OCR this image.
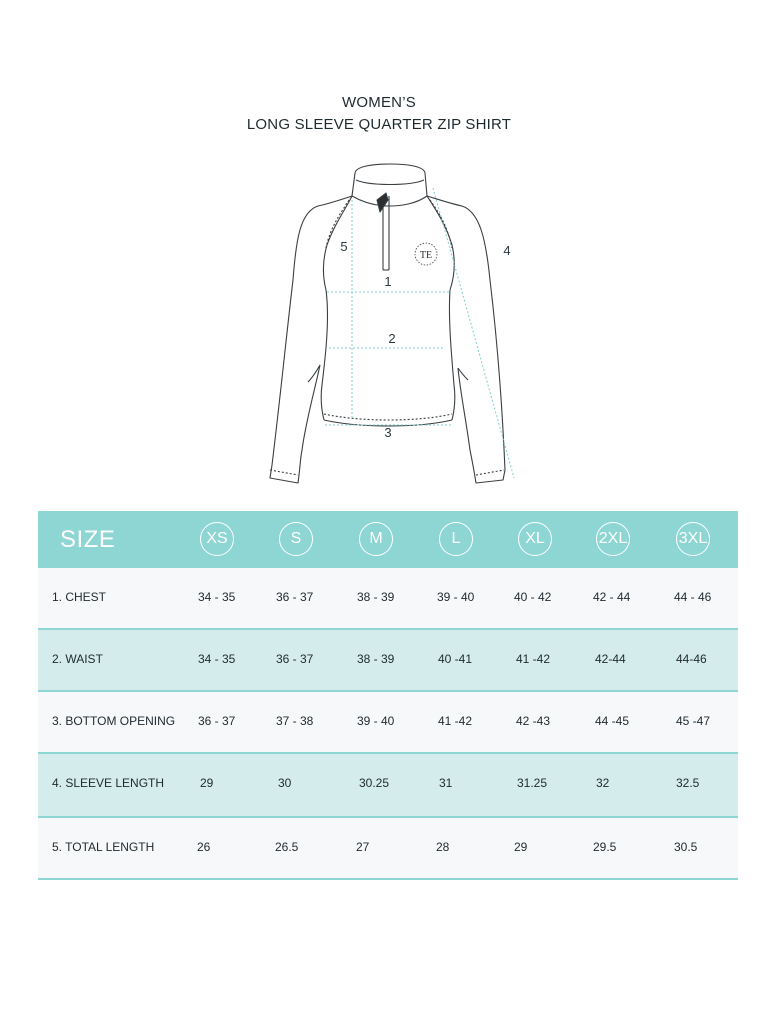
WOMEN’S
LONG SLEEVE QUARTER ZIP SHIRT
TE
1
2
3
4
5
SIZE	XS	S	M	L	XL	2XL	3XL
1. CHEST	34 - 35	36 - 37	38 - 39	39 - 40	40 - 42	42 - 44	44 - 46
2. WAIST	34 - 35	36 - 37	38 - 39	40 -41	41 -42	42-44	44-46
3. BOTTOM OPENING 36 - 37	37 - 38	39 - 40	41 -42	42 -43	44 -45	45 -47
4. SLEEVE LENGTH	29	30	30.25	31	31.25	32	32.5
5. TOTAL LENGTH	26	26.5	27	28	29	29.5	30.5
